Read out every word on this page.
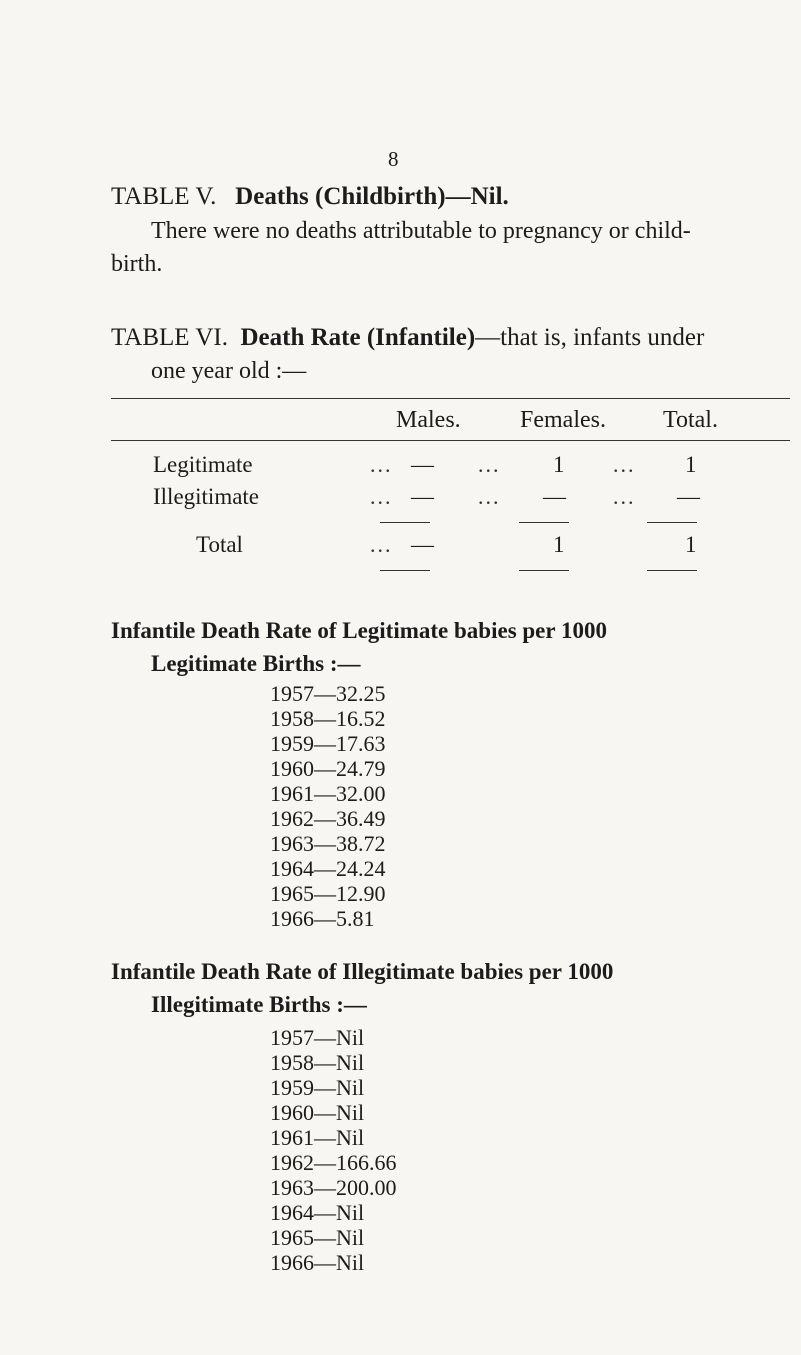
8
TABLE V. Deaths (Childbirth)—Nil.
There were no deaths attributable to pregnancy or child-
birth.
TABLE VI. Death Rate (Infantile)—that is, infants under
one year old :—
Males. Females. Total.
Legitimate	... — ... 1 ... 1
Illegitimate	... — ... — ... —
Total	... —	1	1
Infantile Death Rate of Legitimate babies per 1000
Legitimate Births :—
1957—32.25
1958—16.52
1959—17.63
1960—24.79
1961—32.00
1962—36.49
1963—38.72
1964—24.24
1965—12.90
1966—5.81
Infantile Death Rate of Illegitimate babies per 1000
Illegitimate Births :—
1957—Nil
1958—Nil
1959—Nil
1960—Nil
1961—Nil
1962—166.66
1963—200.00
1964—Nil
1965—Nil
1966—Nil
